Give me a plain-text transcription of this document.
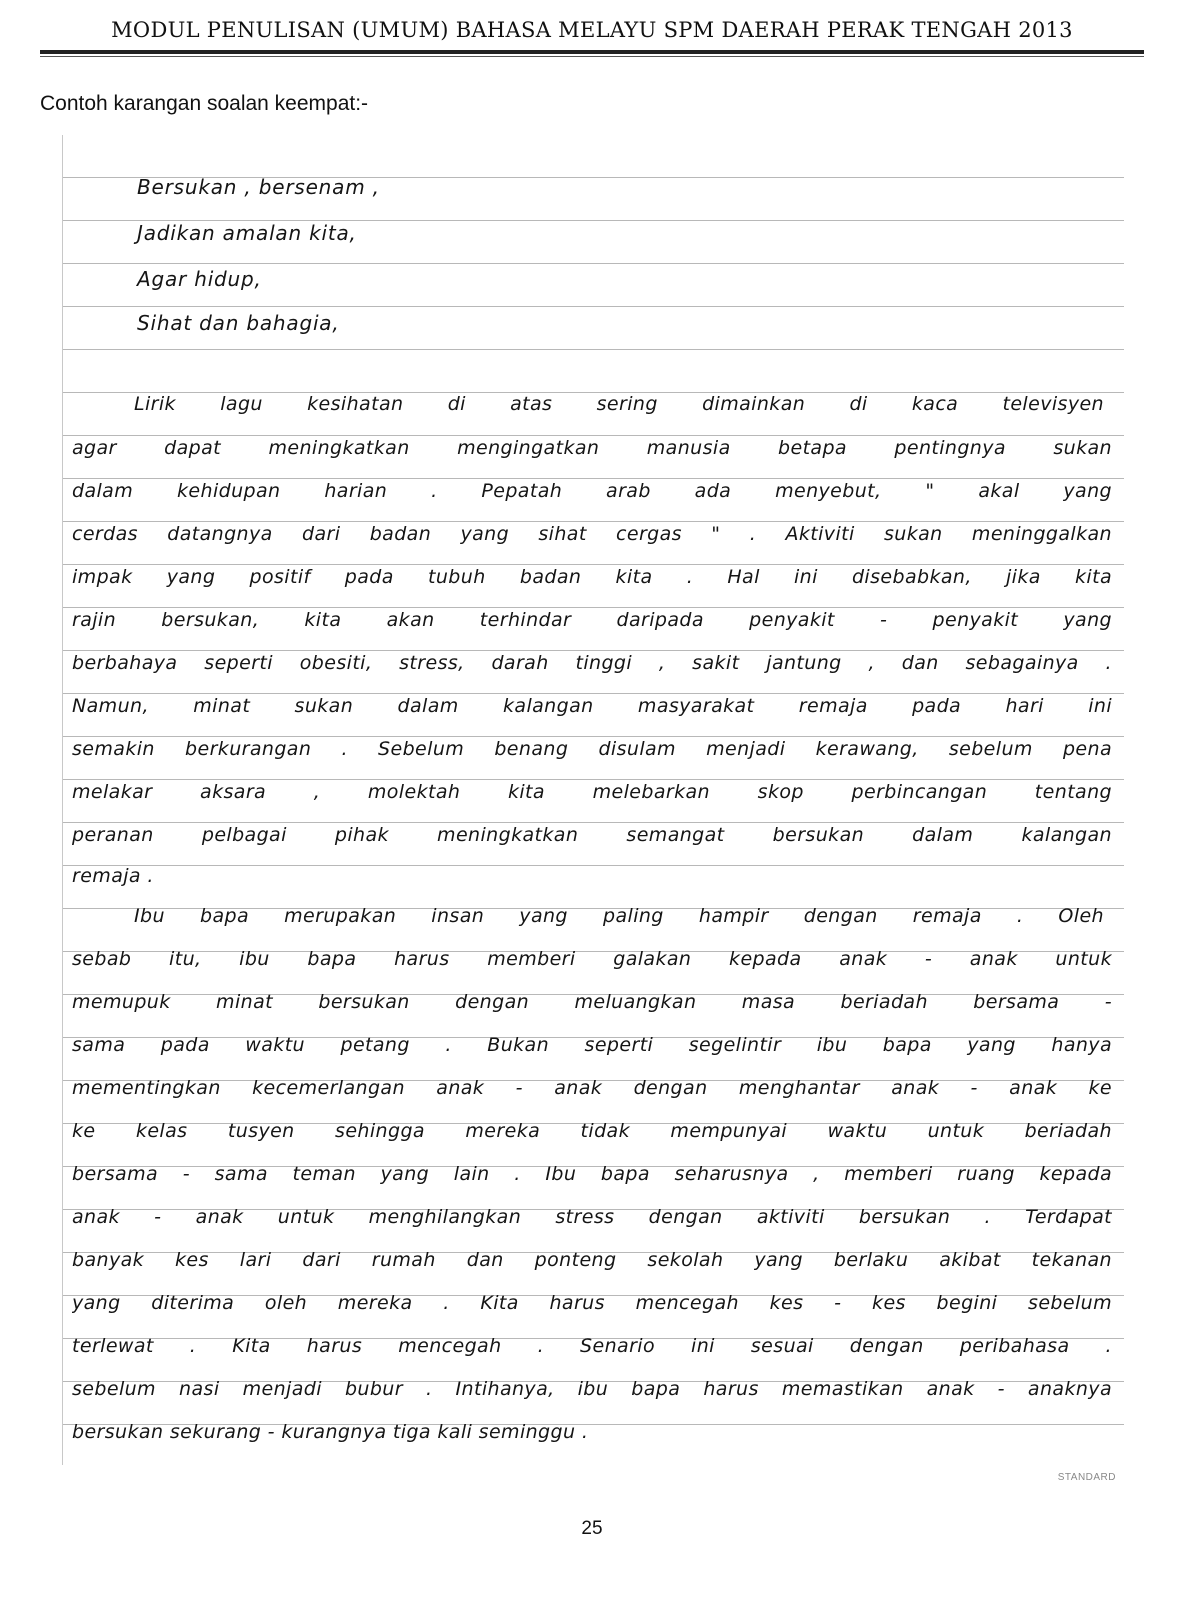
MODUL PENULISAN (UMUM) BAHASA MELAYU SPM DAERAH PERAK TENGAH 2013
Contoh karangan soalan keempat:-
Bersukan , bersenam ,
Jadikan amalan kita,
Agar hidup,
Sihat dan bahagia,
Lirik lagu kesihatan di atas sering dimainkan di kaca televisyen
agar dapat meningkatkan mengingatkan manusia betapa pentingnya sukan
dalam kehidupan harian . Pepatah arab ada menyebut, " akal yang
cerdas datangnya dari badan yang sihat cergas " . Aktiviti sukan meninggalkan
impak yang positif pada tubuh badan kita . Hal ini disebabkan, jika kita
rajin bersukan, kita akan terhindar daripada penyakit - penyakit yang
berbahaya seperti obesiti, stress, darah tinggi , sakit jantung , dan sebagainya .
Namun, minat sukan dalam kalangan masyarakat remaja pada hari ini
semakin berkurangan . Sebelum benang disulam menjadi kerawang, sebelum pena
melakar aksara , molektah kita melebarkan skop perbincangan tentang
peranan pelbagai pihak meningkatkan semangat bersukan dalam kalangan
remaja .
Ibu bapa merupakan insan yang paling hampir dengan remaja . Oleh
sebab itu, ibu bapa harus memberi galakan kepada anak - anak untuk
memupuk minat bersukan dengan meluangkan masa beriadah bersama -
sama pada waktu petang . Bukan seperti segelintir ibu bapa yang hanya
mementingkan kecemerlangan anak - anak dengan menghantar anak - anak ke
ke kelas tusyen sehingga mereka tidak mempunyai waktu untuk beriadah
bersama - sama teman yang lain . Ibu bapa seharusnya , memberi ruang kepada
anak - anak untuk menghilangkan stress dengan aktiviti bersukan . Terdapat
banyak kes lari dari rumah dan ponteng sekolah yang berlaku akibat tekanan
yang diterima oleh mereka . Kita harus mencegah kes - kes begini sebelum
terlewat . Kita harus mencegah . Senario ini sesuai dengan peribahasa .
sebelum nasi menjadi bubur . Intihanya, ibu bapa harus memastikan anak - anaknya
bersukan sekurang - kurangnya tiga kali seminggu .
STANDARD
25
